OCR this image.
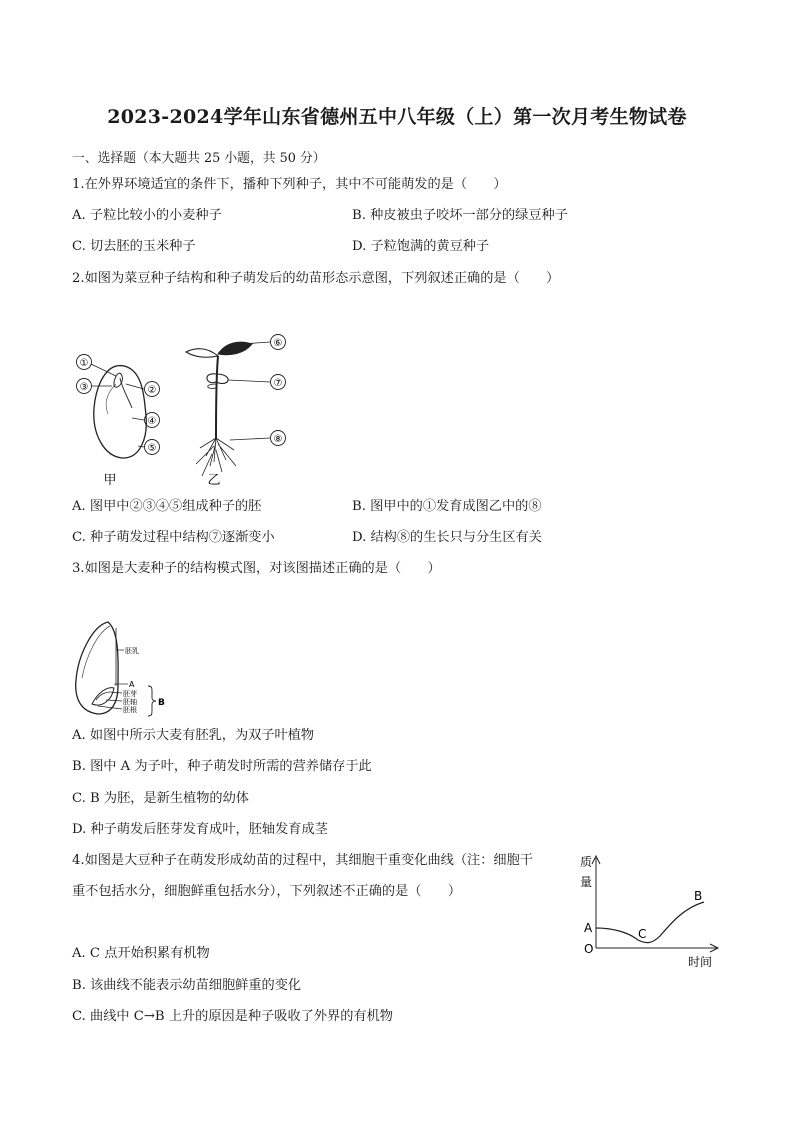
2023-2024学年山东省德州五中八年级（上）第一次月考生物试卷
一、选择题（本大题共 25 小题，共 50 分）
1.在外界环境适宜的条件下，播种下列种子，其中不可能萌发的是（　　）
A. 子粒比较小的小麦种子	B. 种皮被虫子咬坏一部分的绿豆种子
C. 切去胚的玉米种子	D. 子粒饱满的黄豆种子
2.如图为菜豆种子结构和种子萌发后的幼苗形态示意图，下列叙述正确的是（　　）
①
③	②
④
⑤
甲
⑥
⑦
⑧
乙
A. 图甲中②③④⑤组成种子的胚	B. 图甲中的①发育成图乙中的⑧
C. 种子萌发过程中结构⑦逐渐变小	D. 结构⑧的生长只与分生区有关
3.如图是大麦种子的结构模式图，对该图描述正确的是（　　）
胚乳
A
胚芽
胚轴
胚根
B
A. 如图中所示大麦有胚乳，为双子叶植物
B. 图中 A 为子叶，种子萌发时所需的营养储存于此
C. B 为胚，是新生植物的幼体
D. 种子萌发后胚芽发育成叶，胚轴发育成茎
4.如图是大豆种子在萌发形成幼苗的过程中，其细胞干重变化曲线（注：细胞干
重不包括水分，细胞鲜重包括水分），下列叙述不正确的是（　　）
质
量
时间
O
A	C
B
A. C 点开始积累有机物
B. 该曲线不能表示幼苗细胞鲜重的变化
C. 曲线中 C→B 上升的原因是种子吸收了外界的有机物
